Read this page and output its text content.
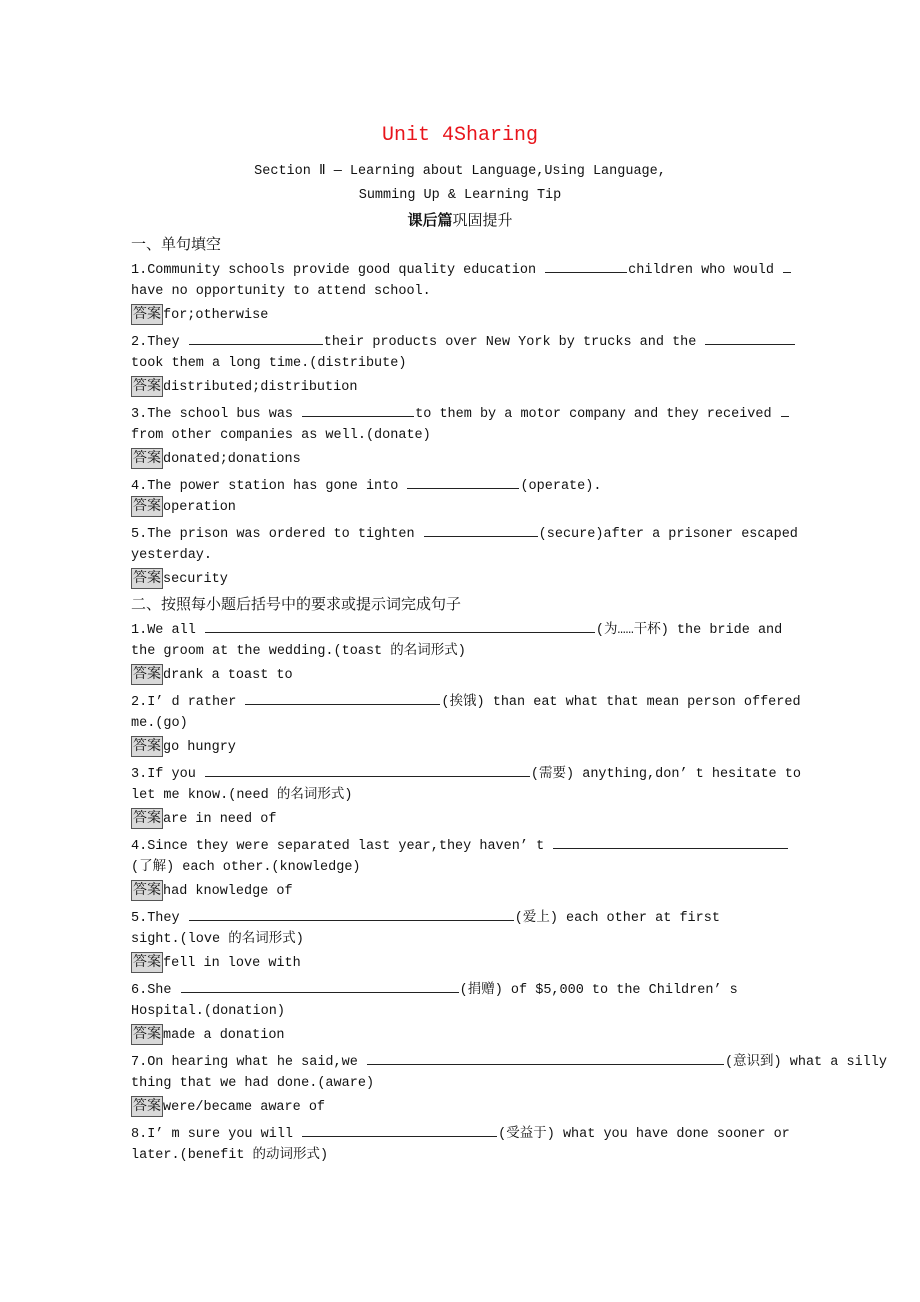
Unit 4Sharing
Section Ⅱ — Learning about Language,Using Language,
Summing Up & Learning Tip
课后篇巩固提升
一、单句填空
1.Community schools provide good quality education	children who would
have no opportunity to attend school.
答案 for;otherwise
2.They	their products over New York by trucks and the
took them a long time.(distribute)
答案 distributed;distribution
3.The school bus was	to them by a motor company and they received
from other companies as well.(donate)
答案 donated;donations
4.The power station has gone into	(operate).
答案 operation
5.The prison was ordered to tighten	(secure)after a prisoner escaped
yesterday.
答案 security
二、按照每小题后括号中的要求或提示词完成句子
1.We all	(为……干杯) the bride and
the groom at the wedding.(toast 的名词形式)
答案 drank a toast to
2.I’ d rather	(挨饿) than eat what that mean person offered
me.(go)
答案 go hungry
3.If you	(需要) anything,don’ t hesitate to
let me know.(need 的名词形式)
答案 are in need of
4.Since they were separated last year,they haven’ t
(了解) each other.(knowledge)
答案 had knowledge of
5.They	(爱上) each other at first
sight.(love 的名词形式)
答案 fell in love with
6.She	(捐赠) of $5,000 to the Children’ s
Hospital.(donation)
答案 made a donation
7.On hearing what he said,we	(意识到) what a silly
thing that we had done.(aware)
答案 were/became aware of
8.I’ m sure you will	(受益于) what you have done sooner or
later.(benefit 的动词形式)
